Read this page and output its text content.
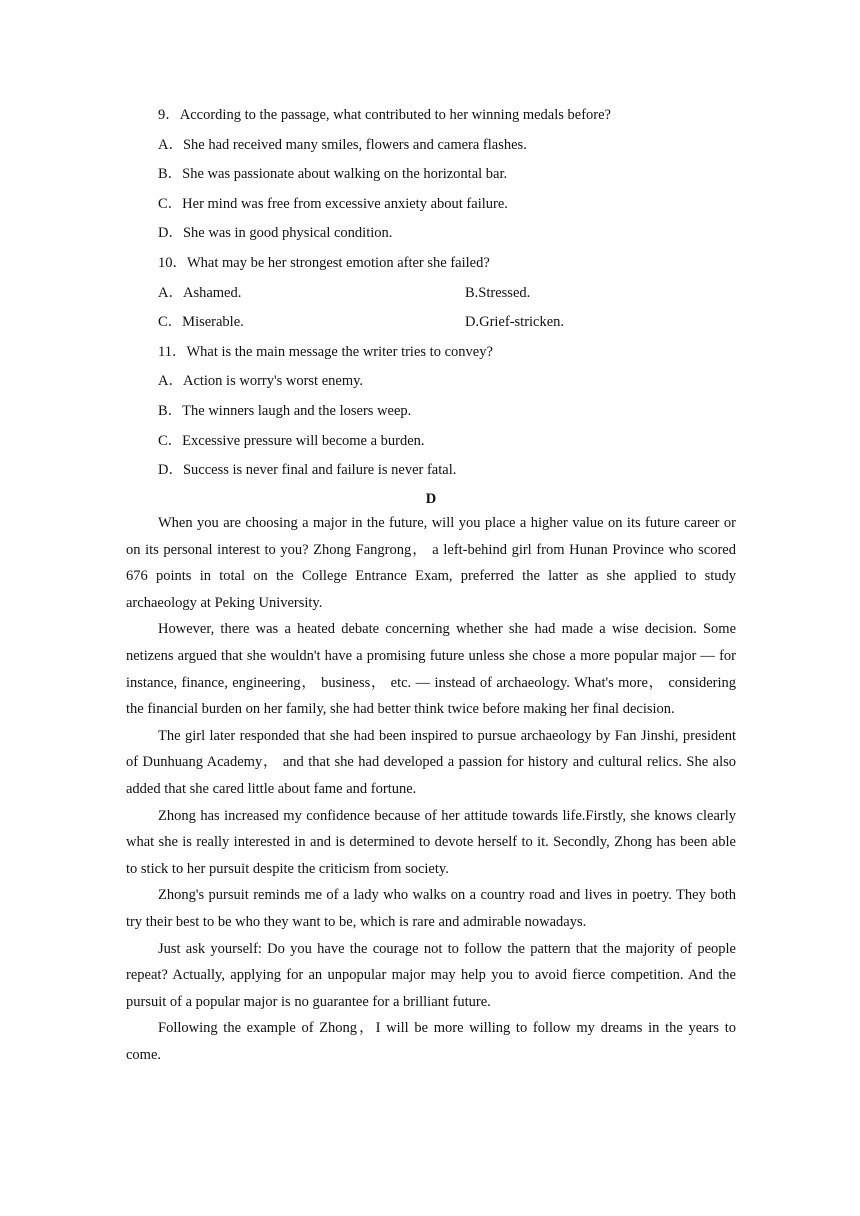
9．According to the passage, what contributed to her winning medals before?
A．She had received many smiles, flowers and camera flashes.
B．She was passionate about walking on the horizontal bar.
C．Her mind was free from excessive anxiety about failure.
D．She was in good physical condition.
10．What may be her strongest emotion after she failed?
A．Ashamed.	B.Stressed.
C．Miserable.	D.Grief-stricken.
11．What is the main message the writer tries to convey?
A．Action is worry's worst enemy.
B．The winners laugh and the losers weep.
C．Excessive pressure will become a burden.
D．Success is never final and failure is never fatal.
D

When you are choosing a major in the future, will you place a higher value on its future career or on its personal interest to you? Zhong Fangrong， a left-behind girl from Hunan Province who scored 676 points in total on the College Entrance Exam, preferred the latter as she applied to study archaeology at Peking University.

However, there was a heated debate concerning whether she had made a wise decision. Some netizens argued that she wouldn't have a promising future unless she chose a more popular major — for instance, finance, engineering， business， etc. — instead of archaeology. What's more， considering the financial burden on her family, she had better think twice before making her final decision.

The girl later responded that she had been inspired to pursue archaeology by Fan Jinshi, president of Dunhuang Academy， and that she had developed a passion for history and cultural relics. She also added that she cared little about fame and fortune.

Zhong has increased my confidence because of her attitude towards life.Firstly, she knows clearly what she is really interested in and is determined to devote herself to it. Secondly, Zhong has been able to stick to her pursuit despite the criticism from society.

Zhong's pursuit reminds me of a lady who walks on a country road and lives in poetry. They both try their best to be who they want to be, which is rare and admirable nowadays.

Just ask yourself: Do you have the courage not to follow the pattern that the majority of people repeat? Actually, applying for an unpopular major may help you to avoid fierce competition. And the pursuit of a popular major is no guarantee for a brilliant future.

Following the example of Zhong，I will be more willing to follow my dreams in the years to come.
